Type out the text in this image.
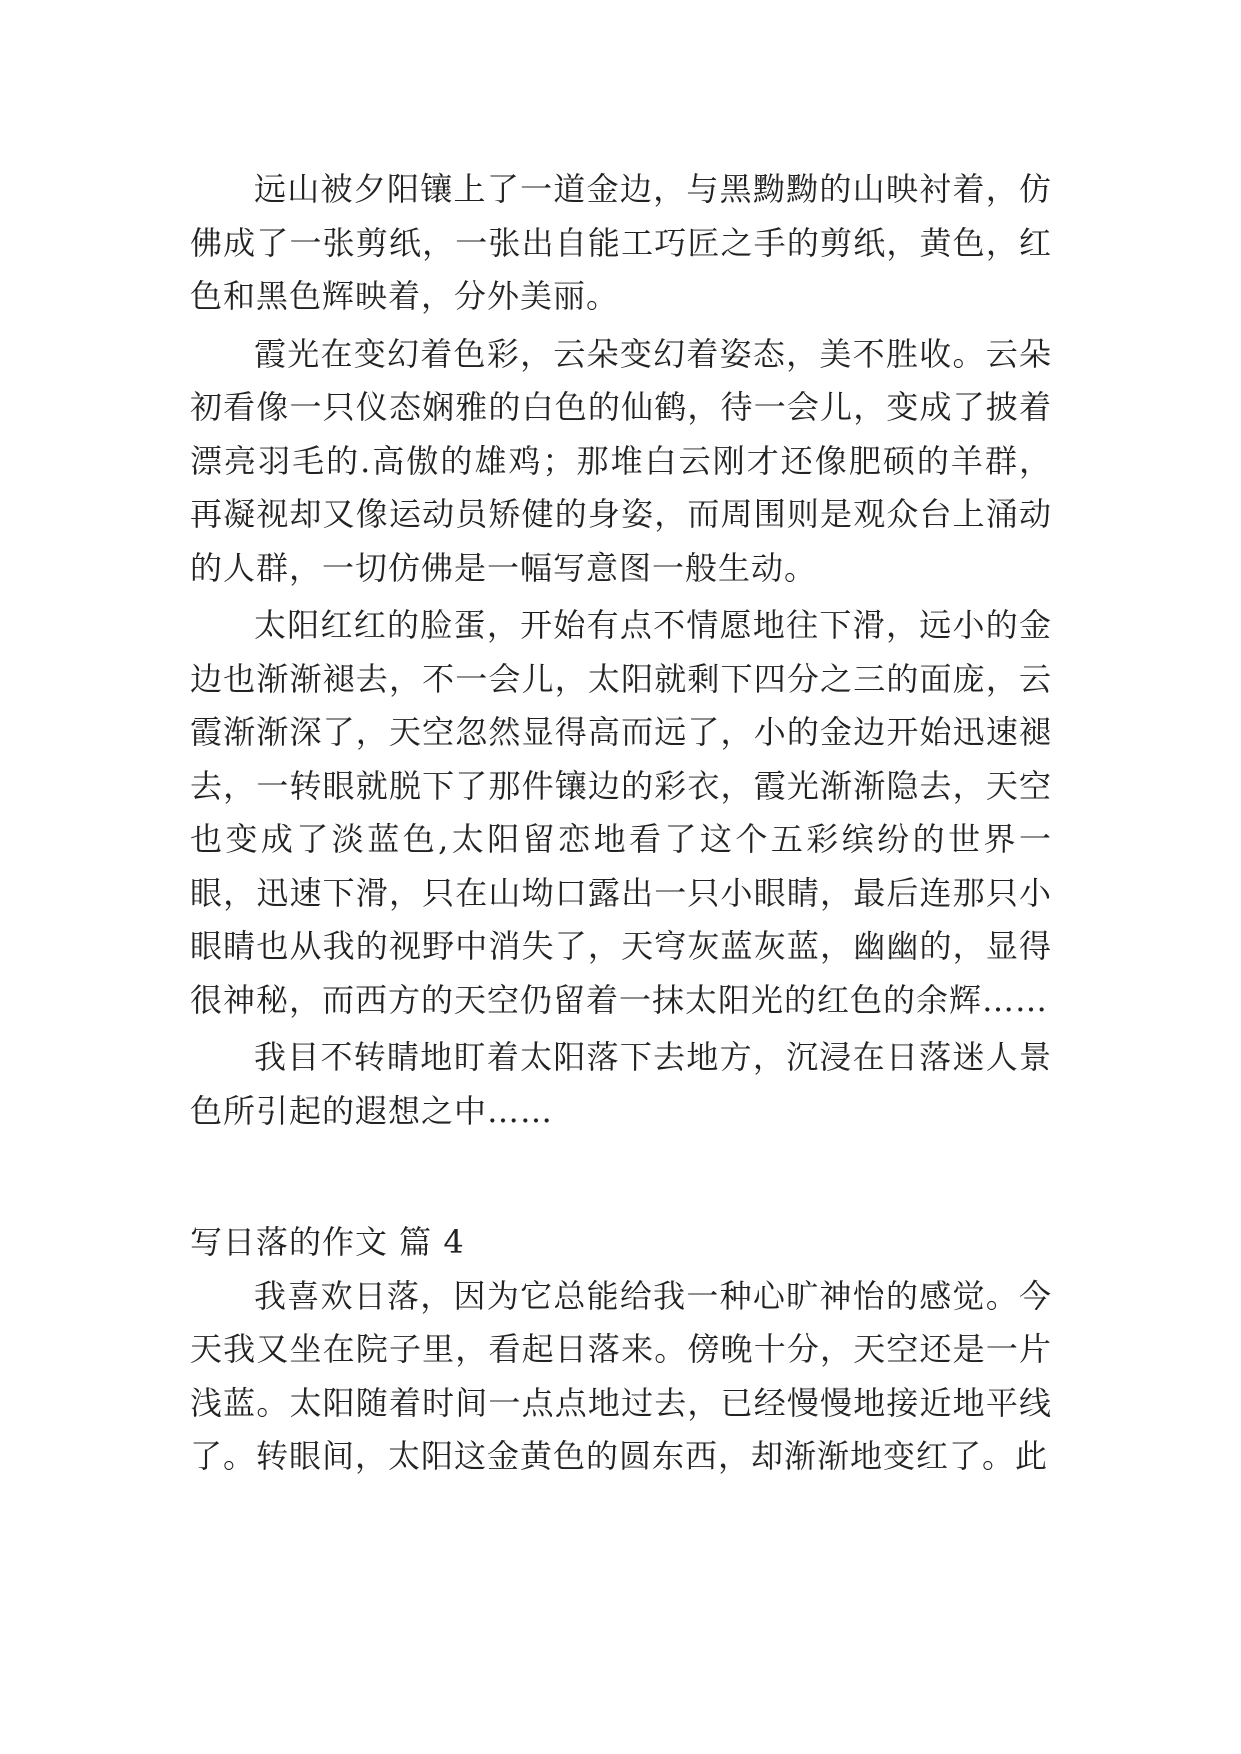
远山被夕阳镶上了一道金边，与黑黝黝的山映衬着，仿佛成了一张剪纸，一张出自能工巧匠之手的剪纸，黄色，红色和黑色辉映着，分外美丽。

霞光在变幻着色彩，云朵变幻着姿态，美不胜收。云朵初看像一只仪态娴雅的白色的仙鹤，待一会儿，变成了披着漂亮羽毛的.高傲的雄鸡；那堆白云刚才还像肥硕的羊群，再凝视却又像运动员矫健的身姿，而周围则是观众台上涌动的人群，一切仿佛是一幅写意图一般生动。

太阳红红的脸蛋，开始有点不情愿地往下滑，远小的金边也渐渐褪去，不一会儿，太阳就剩下四分之三的面庞，云霞渐渐深了，天空忽然显得高而远了，小的金边开始迅速褪去，一转眼就脱下了那件镶边的彩衣，霞光渐渐隐去，天空也变成了淡蓝色,太阳留恋地看了这个五彩缤纷的世界一眼，迅速下滑，只在山坳口露出一只小眼睛，最后连那只小眼睛也从我的视野中消失了，天穹灰蓝灰蓝，幽幽的，显得很神秘，而西方的天空仍留着一抹太阳光的红色的余辉……

我目不转睛地盯着太阳落下去地方，沉浸在日落迷人景色所引起的遐想之中……

写日落的作文 篇 4

我喜欢日落，因为它总能给我一种心旷神怡的感觉。今天我又坐在院子里，看起日落来。傍晚十分，天空还是一片浅蓝。太阳随着时间一点点地过去，已经慢慢地接近地平线了。转眼间，太阳这金黄色的圆东西，却渐渐地变红了。此
